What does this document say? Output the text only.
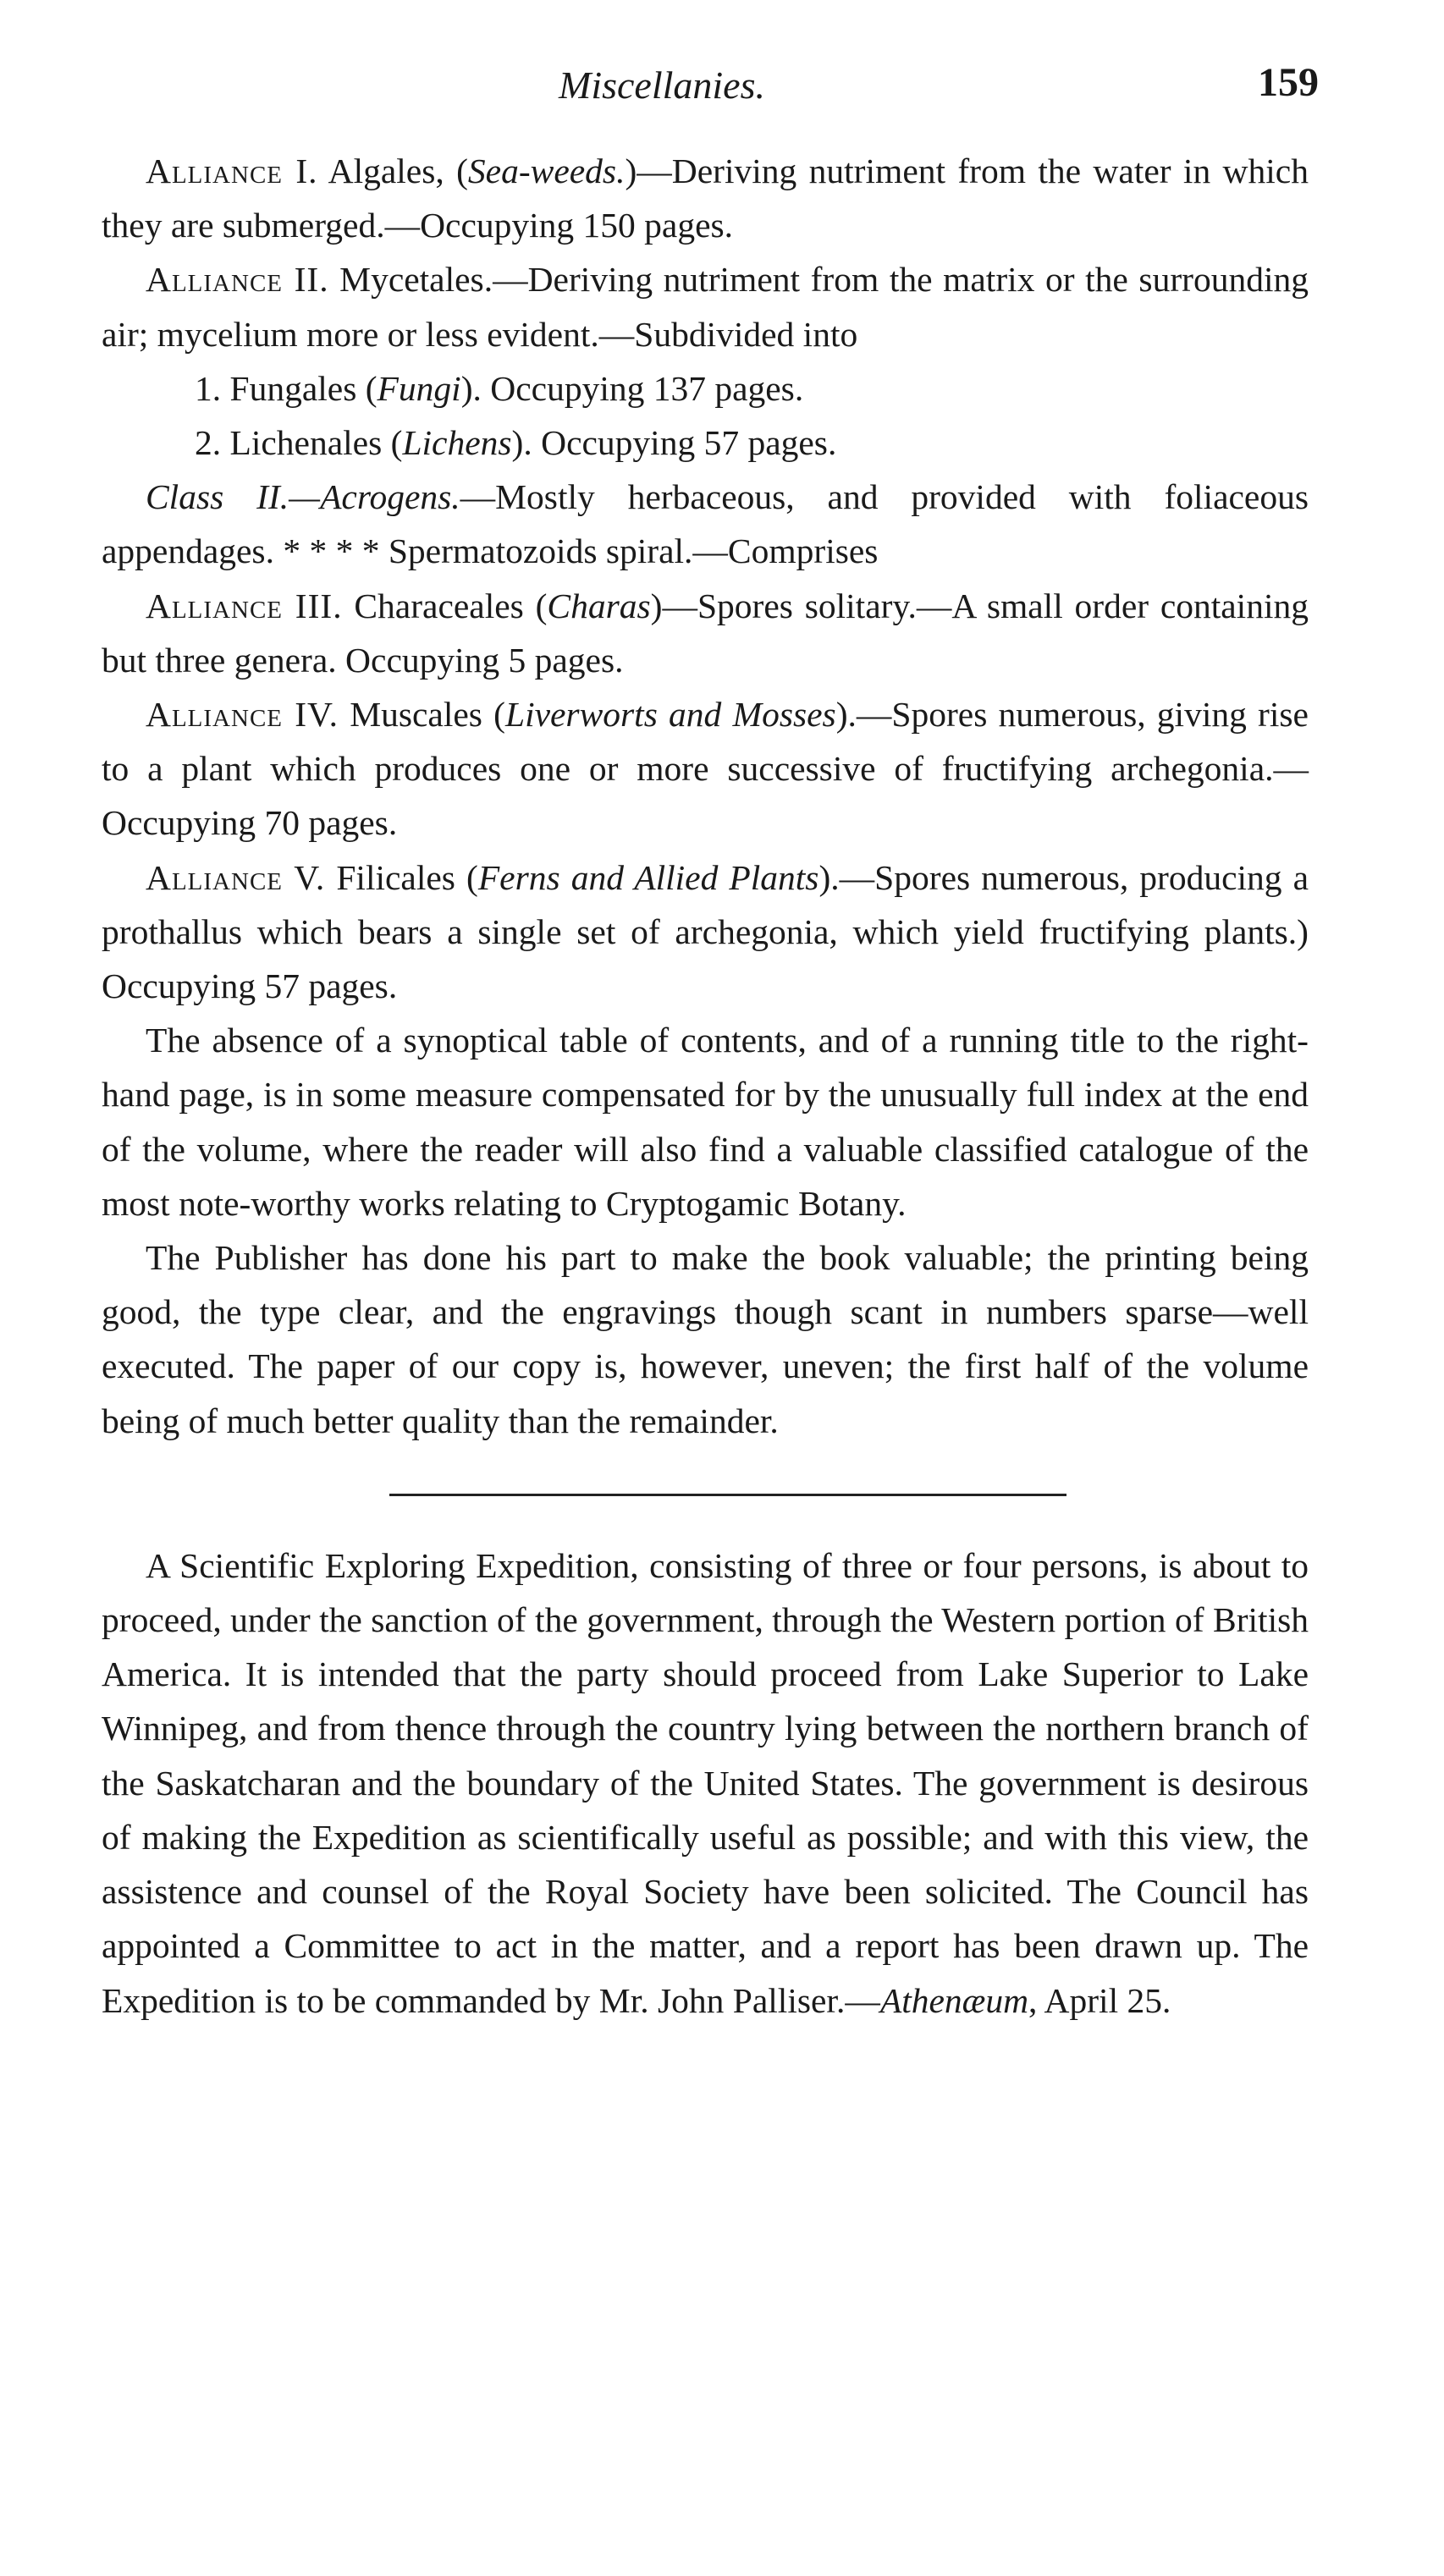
Miscellanies.	159

Alliance I. Algales, (Sea-weeds.)—Deriving nutriment from the water in which they are submerged.—Occupying 150 pages.

Alliance II. Mycetales.—Deriving nutriment from the matrix or the surrounding air; mycelium more or less evident.—Subdivided into

1. Fungales (Fungi). Occupying 137 pages.

2. Lichenales (Lichens). Occupying 57 pages.

Class II.—Acrogens.—Mostly herbaceous, and provided with foliaceous appendages. * * * * Spermatozoids spiral.—Comprises

Alliance III. Characeales (Charas)—Spores solitary.—A small order containing but three genera. Occupying 5 pages.

Alliance IV. Muscales (Liverworts and Mosses).—Spores numerous, giving rise to a plant which produces one or more successive of fructifying archegonia.—Occupying 70 pages.

Alliance V. Filicales (Ferns and Allied Plants).—Spores numerous, producing a prothallus which bears a single set of archegonia, which yield fructifying plants.) Occupying 57 pages.

The absence of a synoptical table of contents, and of a running title to the right-hand page, is in some measure compensated for by the unusually full index at the end of the volume, where the reader will also find a valuable classified catalogue of the most note-worthy works relating to Cryptogamic Botany.

The Publisher has done his part to make the book valuable; the printing being good, the type clear, and the engravings though scant in numbers sparse—well executed. The paper of our copy is, however, uneven; the first half of the volume being of much better quality than the remainder.

A Scientific Exploring Expedition, consisting of three or four persons, is about to proceed, under the sanction of the government, through the Western portion of British America. It is intended that the party should proceed from Lake Superior to Lake Winnipeg, and from thence through the country lying between the northern branch of the Saskatcharan and the boundary of the United States. The government is desirous of making the Expedition as scientifically useful as possible; and with this view, the assistence and counsel of the Royal Society have been solicited. The Council has appointed a Committee to act in the matter, and a report has been drawn up. The Expedition is to be commanded by Mr. John Palliser.—Athenæum, April 25.
